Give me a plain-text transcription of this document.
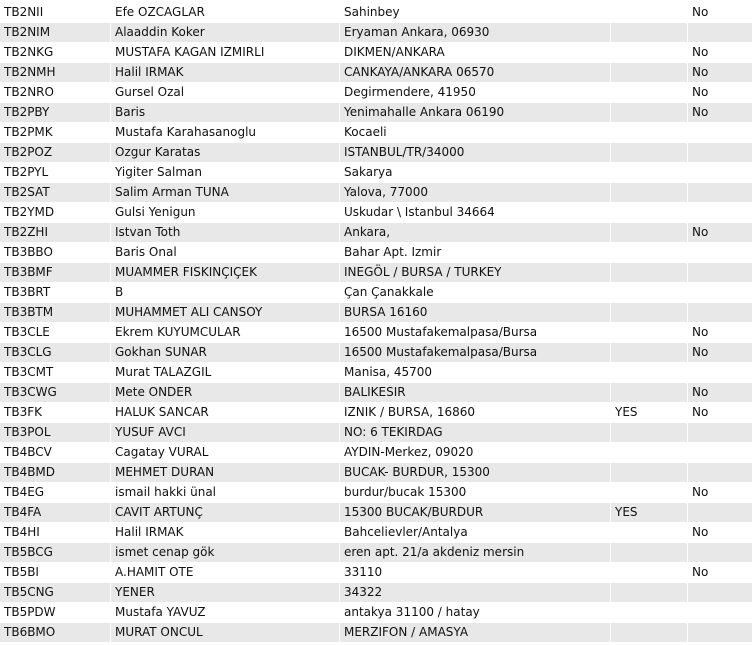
TB2NII	Efe OZCAGLAR	Sahinbey		No
TB2NIM	Alaaddin Koker	Eryaman Ankara, 06930		
TB2NKG	MUSTAFA KAGAN IZMIRLI	DIKMEN/ANKARA		No
TB2NMH	Halil IRMAK	CANKAYA/ANKARA 06570		No
TB2NRO	Gursel Ozal	Degirmendere, 41950		No
TB2PBY	Baris	Yenimahalle Ankara 06190		No
TB2PMK	Mustafa Karahasanoglu	Kocaeli		
TB2POZ	Ozgur Karatas	ISTANBUL/TR/34000		
TB2PYL	Yigiter Salman	Sakarya		
TB2SAT	Salim Arman TUNA	Yalova, 77000		
TB2YMD	Gulsi Yenigun	Uskudar \ Istanbul 34664		
TB2ZHI	Istvan Toth	Ankara,		No
TB3BBO	Baris Onal	Bahar Apt. Izmir		
TB3BMF	MUAMMER FISKINÇIÇEK	INEGÖL / BURSA / TURKEY		
TB3BRT	B	Çan Çanakkale		
TB3BTM	MUHAMMET ALI CANSOY	BURSA 16160		
TB3CLE	Ekrem KUYUMCULAR	16500 Mustafakemalpasa/Bursa		No
TB3CLG	Gokhan SUNAR	16500 Mustafakemalpasa/Bursa		No
TB3CMT	Murat TALAZGIL	Manisa, 45700		
TB3CWG	Mete ONDER	BALIKESIR		No
TB3FK	HALUK SANCAR	IZNIK / BURSA, 16860	YES	No
TB3POL	YUSUF AVCI	NO: 6 TEKIRDAG		
TB4BCV	Cagatay VURAL	AYDIN-Merkez, 09020		
TB4BMD	MEHMET DURAN	BUCAK- BURDUR, 15300		
TB4EG	ismail hakki ünal	burdur/bucak 15300		No
TB4FA	CAVIT ARTUNÇ	15300 BUCAK/BURDUR	YES	
TB4HI	Halil IRMAK	Bahcelievler/Antalya		No
TB5BCG	ismet cenap gök	eren apt. 21/a akdeniz mersin		
TB5BI	A.HAMIT OTE	33110		No
TB5CNG	YENER	34322		
TB5PDW	Mustafa YAVUZ	antakya 31100 / hatay		
TB6BMO	MURAT ONCUL	MERZIFON / AMASYA		
